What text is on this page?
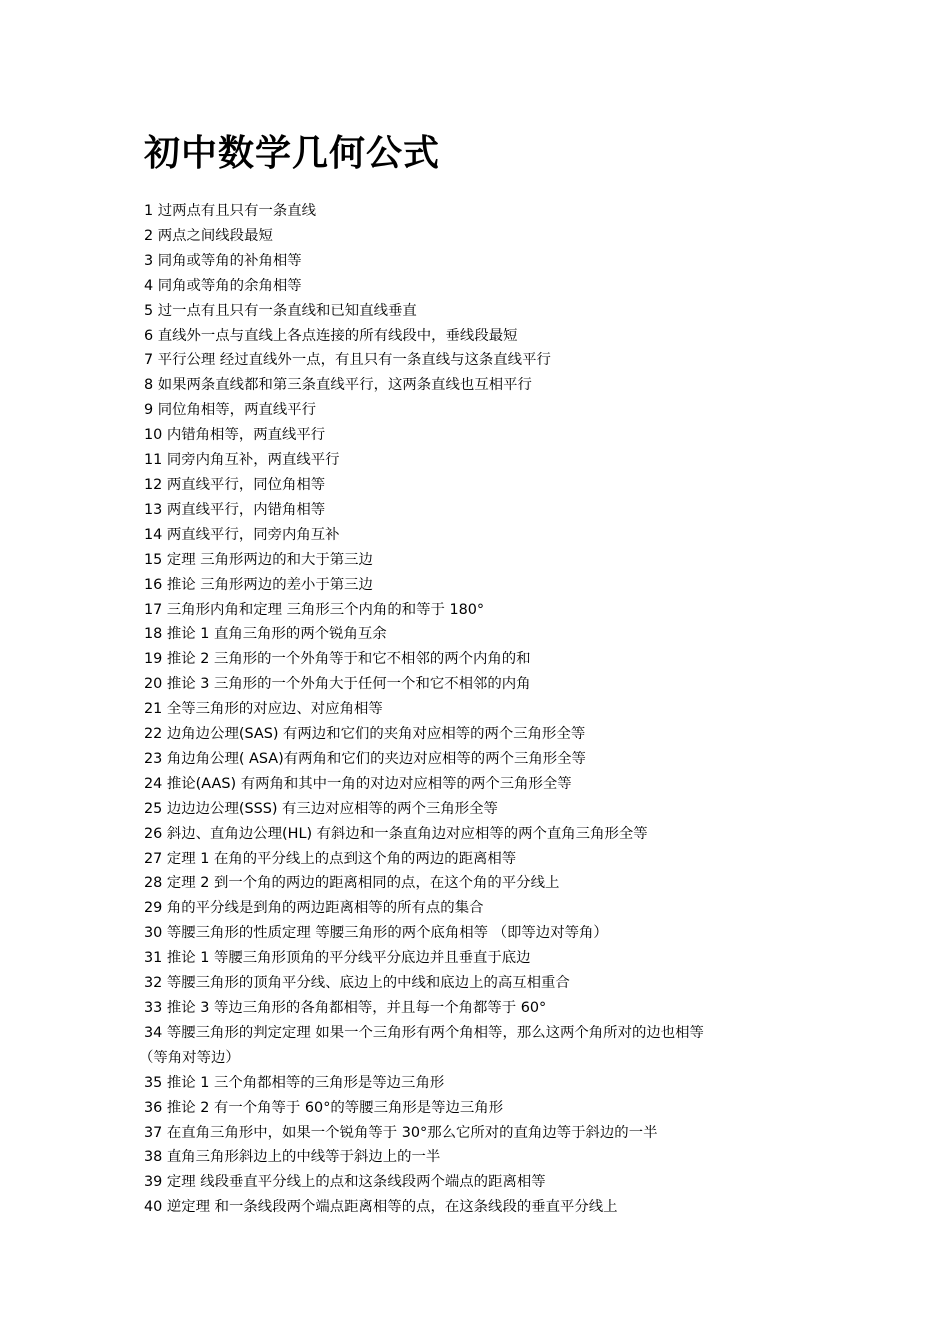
初中数学几何公式
1 过两点有且只有一条直线
2 两点之间线段最短
3 同角或等角的补角相等
4 同角或等角的余角相等
5 过一点有且只有一条直线和已知直线垂直
6 直线外一点与直线上各点连接的所有线段中，垂线段最短
7 平行公理 经过直线外一点，有且只有一条直线与这条直线平行
8 如果两条直线都和第三条直线平行，这两条直线也互相平行
9 同位角相等，两直线平行
10 内错角相等，两直线平行
11 同旁内角互补，两直线平行
12 两直线平行，同位角相等
13 两直线平行，内错角相等
14 两直线平行，同旁内角互补
15 定理 三角形两边的和大于第三边
16 推论 三角形两边的差小于第三边
17 三角形内角和定理 三角形三个内角的和等于 180°
18 推论 1 直角三角形的两个锐角互余
19 推论 2 三角形的一个外角等于和它不相邻的两个内角的和
20 推论 3 三角形的一个外角大于任何一个和它不相邻的内角
21 全等三角形的对应边、对应角相等
22 边角边公理(SAS) 有两边和它们的夹角对应相等的两个三角形全等
23 角边角公理( ASA)有两角和它们的夹边对应相等的两个三角形全等
24 推论(AAS) 有两角和其中一角的对边对应相等的两个三角形全等
25 边边边公理(SSS) 有三边对应相等的两个三角形全等
26 斜边、直角边公理(HL) 有斜边和一条直角边对应相等的两个直角三角形全等
27 定理 1 在角的平分线上的点到这个角的两边的距离相等
28 定理 2 到一个角的两边的距离相同的点，在这个角的平分线上
29 角的平分线是到角的两边距离相等的所有点的集合
30 等腰三角形的性质定理 等腰三角形的两个底角相等 （即等边对等角）
31 推论 1 等腰三角形顶角的平分线平分底边并且垂直于底边
32 等腰三角形的顶角平分线、底边上的中线和底边上的高互相重合
33 推论 3 等边三角形的各角都相等，并且每一个角都等于 60°
34 等腰三角形的判定定理 如果一个三角形有两个角相等，那么这两个角所对的边也相等
（等角对等边）
35 推论 1 三个角都相等的三角形是等边三角形
36 推论 2 有一个角等于 60°的等腰三角形是等边三角形
37 在直角三角形中，如果一个锐角等于 30°那么它所对的直角边等于斜边的一半
38 直角三角形斜边上的中线等于斜边上的一半
39 定理 线段垂直平分线上的点和这条线段两个端点的距离相等
40 逆定理 和一条线段两个端点距离相等的点，在这条线段的垂直平分线上
